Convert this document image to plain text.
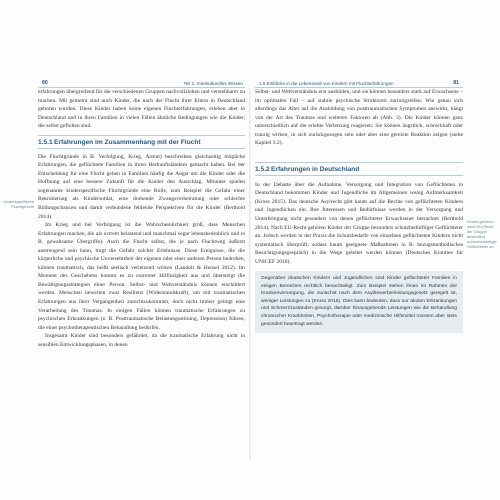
80	Teil 1: Interkulturelles Wissen

erfahrungen übergreifend für die verschiedenen Gruppen nachvollziehen und verstehbarer zu machen. Mit gemeint sind auch Kinder, die nach der Flucht ihrer Eltern in Deutschland geboren wurden. Diese Kinder haben keine eigenen Fluchterfahrungen, erleben aber in Deutschland und in ihren Familien in vielen Fällen ähnliche Bedingungen wie die Kinder, die selbst geflohen sind.

1.5.1Erfahrungen im Zusammenhang mit der Flucht
Kinderspezifische Fluchtgründe

Die Fluchtgründe in B. Verfolgung, Krieg, Armut) beschreiben gleichzeitig mögliche Erfahrungen, die geflüchtete Familien in ihren Herkunftsländern gemacht haben. Bei der Entscheidung für eine Flucht geben in Familien häufig die Angst um die Kinder oder die Hoffnung auf eine bessere Zukunft für die Kinder den Ausschlag. Mitunter spielen sogenannte kinderspezifische Fluchtgründe eine Rolle, zum Beispiel die Gefahr einer Rekrutierung als Kindersoldat, eine drohende Zwangsverheiratung oder schlechte Bildungschancen und damit verbundene fehlende Perspektiven für die Kinder (Berthold 2014).

Im Krieg und bei Verfolgung ist die Wahrscheinlichkeit groß, dass Menschen Erfahrungen machen, die als extrem belastend und manchmal sogar lebensbedrohlich und in B. gewaltsame Übergriffe). Auch die Flucht selbst, die je nach Fluchtweg äußerst anstrengend sein kann, birgt die Gefahr solcher Erlebnisse. Diese Ereignisse, die die körperliche und psychische Unversehrtheit der eigenen oder einer anderen Person bedrohen, können traumatisch, das heißt seelisch verletzend wirken (Landolt & Hensel 2012). Im Moment des Geschehens kommt es zu extremer Hilflosigkeit aus und übersteigt die Bewältigungsstrategien einer Person. Selbst- und Weltverständnis können erschüttert werden. Menschen bewerten zwar Resilienz (Widerstandskraft), um mit traumatischen Erfahrungen aus ihrer Vergangenheit zurechtzukommen, doch nicht immer gelingt eine Verarbeitung des Traumas. In einigen Fällen können traumatische Erfahrungen zu psychischen Erkrankungen (z. B. Posttraumatische Belastungsstörung, Depression) führen, die einer psychotherapeutischen Behandlung bedürfen.

Insgesamt Kinder sind besonders gefährdet, da die traumatische Erfahrung nicht in sensiblen Entwicklungsphasen, in denen

1.5 Einblicke in die Lebenswelt von Kindern mit Fluchterfahrungen	81

Selbst- und Weltverständnis erst ausbilden, und sie können besonders stark auf Erwachsene – im optimalen Fall – auf stabile psychische Strukturen zurückgreifen. Wie genau sich allerdings das Alter auf die Ausbildung von posttraumatischen Symptomen auswirkt, hängt von der Art des Traumas und weiteren Faktoren ab (Abb. 3). Die Kinder können ganz unterschiedlich auf die erlebte Verletzung reagieren: Sie können ängstlich, schreckhaft oder traurig wirken, in sich zurückgezogen sein oder aber eine gereizte Reaktion zeigen (siehe Kapitel 3.2).

1.5.2Erfahrungen in Deutschland
Kinder gehören nach EU-Recht der Gruppe besonders schutzbedürftiger Geflüchteter an

In der Debatte über die Aufnahme, Versorgung und Integration von Geflüchteten in Deutschland bekommen Kinder und Jugendliche im Allgemeinen wenig Aufmerksamkeit (Kruss 2015). Das deutsche Asylrecht gibt kaum auf die Rechte von geflüchteten Kindern und Jugendlichen ein. Ihre Interessen und Bedürfnisse werden in der Versorgung und Unterbringung nicht gesondert von denen geflüchteter Erwachsener betrachtet (Berthold 2014). Nach EU-Recht gehören Kinder der Gruppe besonders schutzbedürftiger Geflüchteter an. Jedoch werden in der Praxis die Schutzbedarfe von einzelnen geflüchteten Kindern nicht systematisch überprüft, sodass kaum geeignete Maßnahmen in B. bezugsmethodisches Besichtigungsgespräch) in die Wege geleitet werden können (Deutsches Komitee für UNICEF 2016).

Gegenüber deutschen Kindern und Jugendlichen sind Kinder geflüchteter Familien in einigen Bereichen rechtlich benachteiligt. Zum Beispiel stehen ihnen im Rahmen der Krankenversorgung, die zunächst nach dem Asylbewerberleistungsgesetz geregelt ist, weniger Leistungen zu (Kruss 2015). Dies kann bedeuten, dass nur akuten Erkrankungen und Schmerzzuständen gesorgt, darüber hinausgehende Leistungen wie die Behandlung chronischer Krankheiten, Psychotherapie oder medizinische Hilfsmittel müssen aber stets gesondert beantragt werden.
